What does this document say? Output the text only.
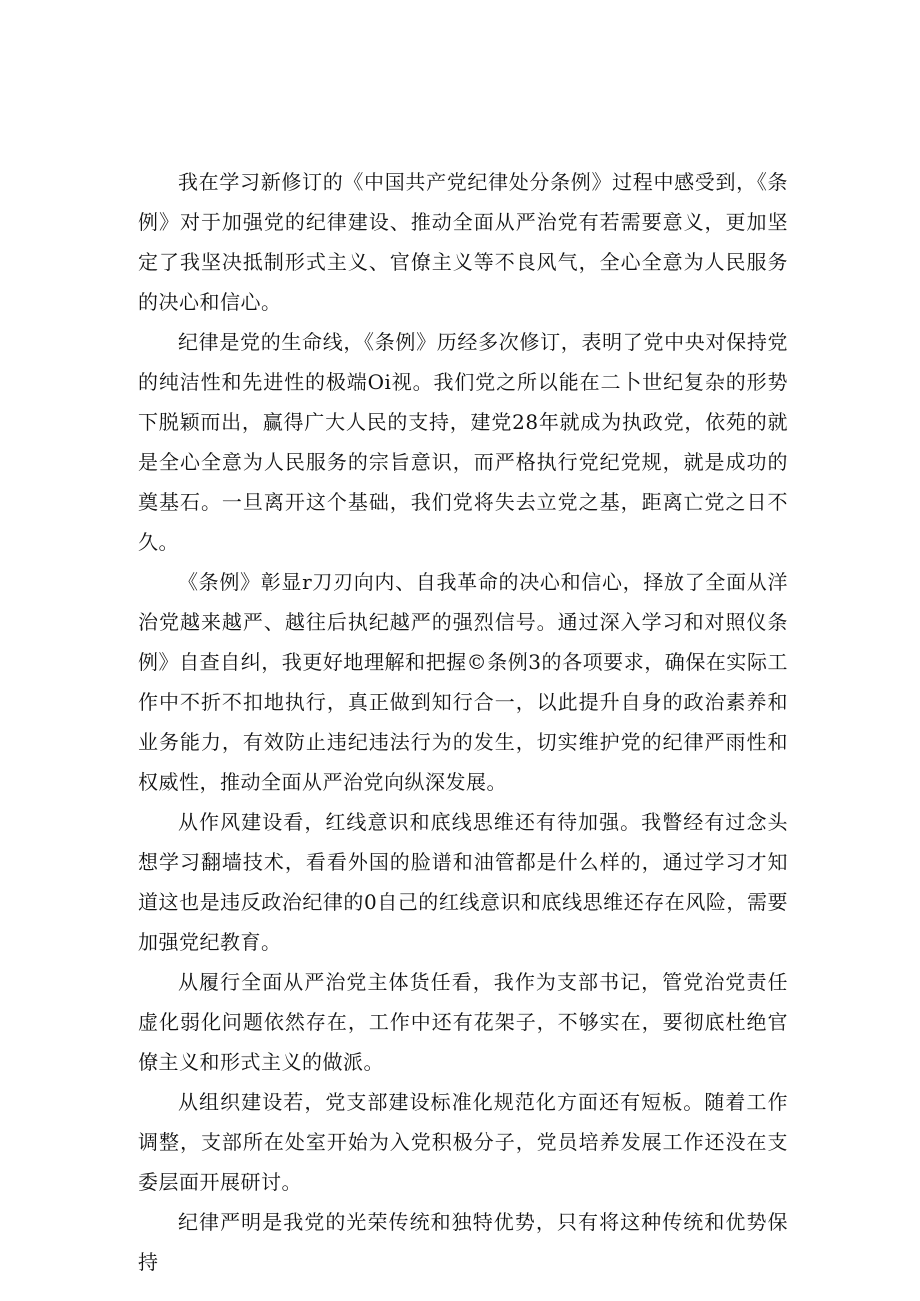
我在学习新修订的《中国共产党纪律处分条例》过程中感受到，《条例》对于加强党的纪律建设、推动全面从严治党有若需要意义，更加坚定了我坚决抵制形式主义、官僚主义等不良风气，全心全意为人民服务的决心和信心。

纪律是党的生命线，《条例》历经多次修订，表明了党中央对保持党的纯洁性和先进性的极端Oi视。我们党之所以能在二卜世纪复杂的形势下脱颖而出，赢得广大人民的支持，建党28年就成为执政党，依苑的就是全心全意为人民服务的宗旨意识，而严格执行党纪党规，就是成功的奠基石。一旦离开这个基础，我们党将失去立党之基，距离亡党之日不久。

《条例》彰显r刀刃向内、自我革命的决心和信心，择放了全面从洋治党越来越严、越往后执纪越严的强烈信号。通过深入学习和对照仪条例》自查自纠，我更好地理解和把握©条例3的各项要求，确保在实际工作中不折不扣地执行，真正做到知行合一，以此提升自身的政治素养和业务能力，有效防止违纪违法行为的发生，切实维护党的纪律严雨性和权威性，推动全面从严治党向纵深发展。

从作风建设看，红线意识和底线思维还有待加强。我瞥经有过念头想学习翻墙技术，看看外国的脸谱和油管都是什么样的，通过学习才知道这也是违反政治纪律的0自己的红线意识和底线思维还存在风险，需要加强党纪教育。

从履行全面从严治党主体货任看，我作为支部书记，管党治党责任虚化弱化问题依然存在，工作中还有花架子，不够实在，要彻底杜绝官僚主义和形式主义的做派。

从组织建设若，党支部建设标准化规范化方面还有短板。随着工作调整，支部所在处室开始为入党积极分子，党员培养发展工作还没在支委层面开展研讨。

纪律严明是我党的光荣传统和独特优势，只有将这种传统和优势保持
